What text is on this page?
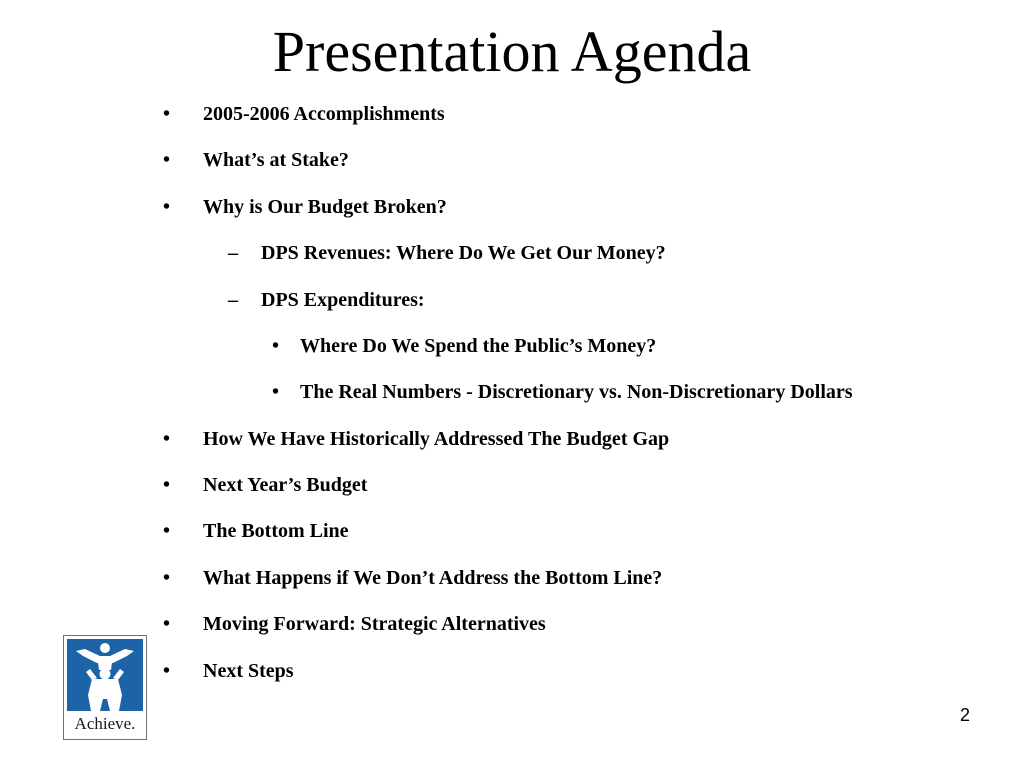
Presentation Agenda
• 2005-2006 Accomplishments
• What’s at Stake?
• Why is Our Budget Broken?
– DPS Revenues: Where Do We Get Our Money?
– DPS Expenditures:
• Where Do We Spend the Public’s Money?
• The Real Numbers - Discretionary vs. Non-Discretionary Dollars
• How We Have Historically Addressed The Budget Gap
• Next Year’s Budget
• The Bottom Line
• What Happens if We Don’t Address the Bottom Line?
• Moving Forward: Strategic Alternatives
• Next Steps
Achieve.	2
